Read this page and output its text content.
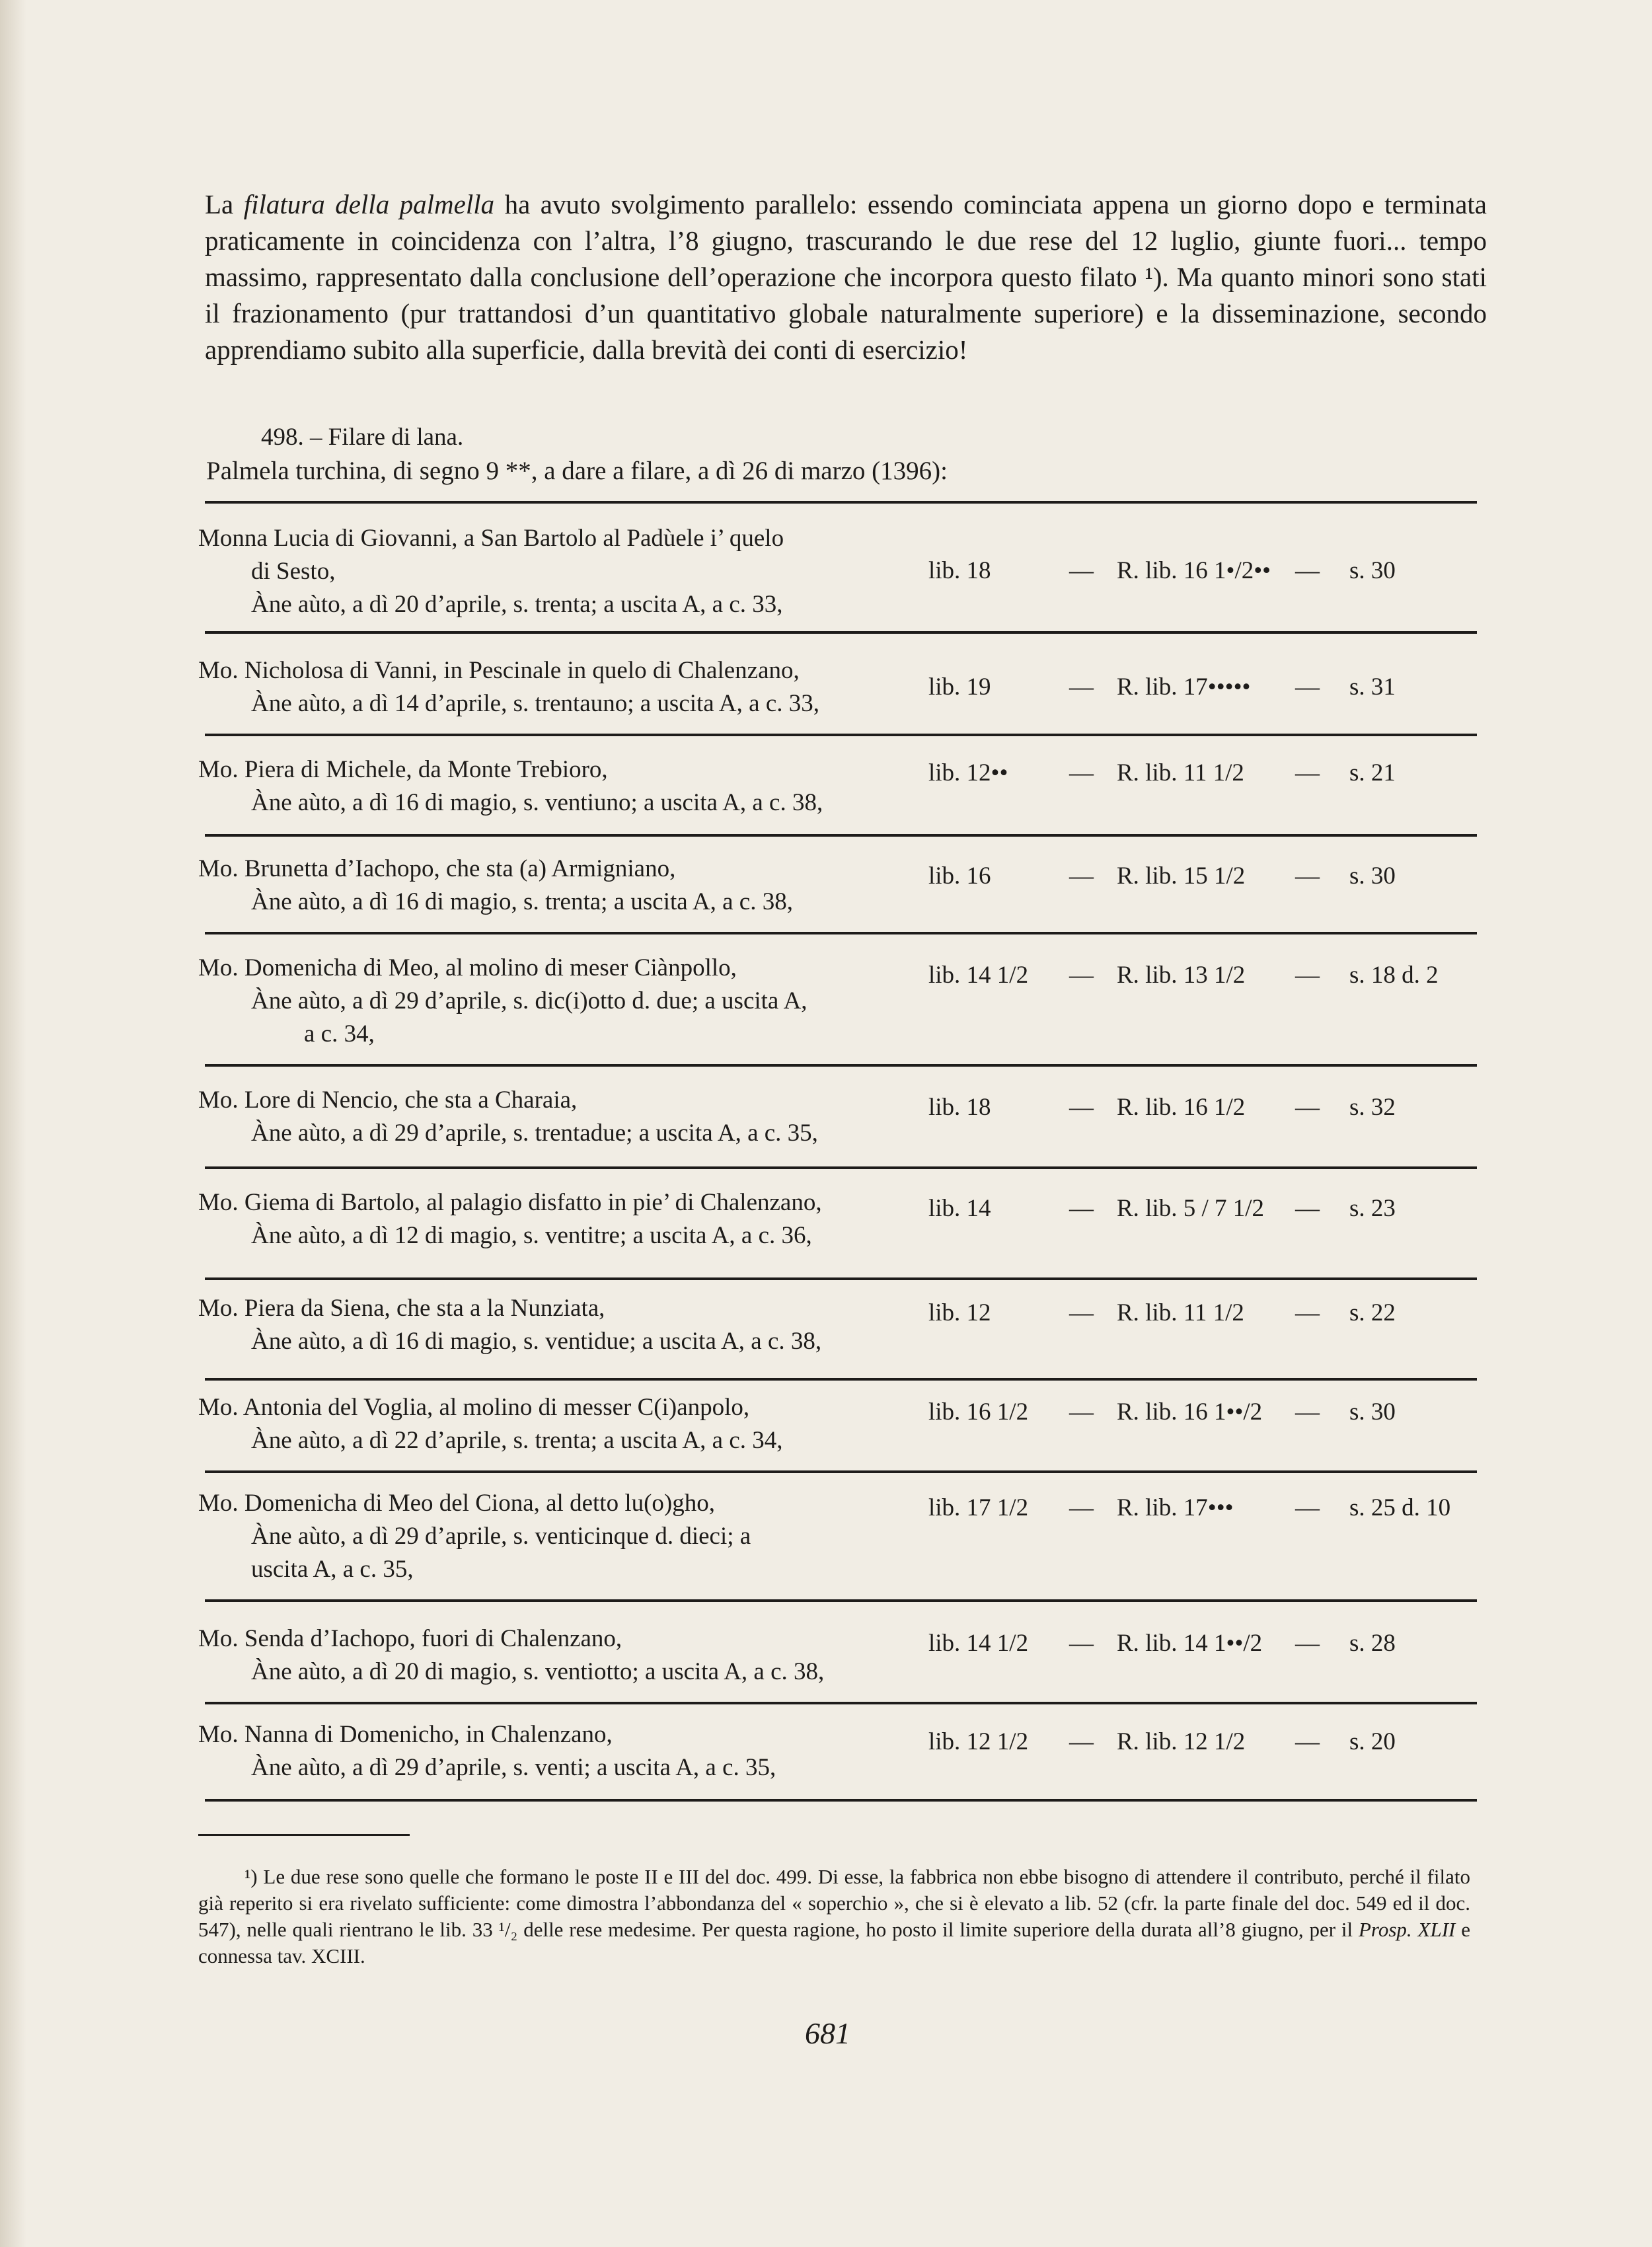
La filatura della palmella ha avuto svolgimento parallelo: essendo cominciata appena un giorno dopo e terminata praticamente in coincidenza con l’altra, l’8 giugno, trascurando le due rese del 12 luglio, giunte fuori... tempo massimo, rappresentato dalla conclusione dell’operazione che incorpora questo filato ¹). Ma quanto minori sono stati il frazionamento (pur trattandosi d’un quantitativo globale naturalmente superiore) e la disseminazione, secondo apprendiamo subito alla superficie, dalla brevità dei conti di esercizio!

498. – Filare di lana.

Palmela turchina, di segno 9 **, a dare a filare, a dì 26 di marzo (1396):

Monna Lucia di Giovanni, a San Bartolo al Padùele i’ quelo
di Sesto,
Àne aùto, a dì 20 d’aprile, s. trenta; a uscita A, a c. 33,
lib. 18	— R. lib. 16 1•/2•• — s. 30
Mo. Nicholosa di Vanni, in Pescinale in quelo di Chalenzano,
Àne aùto, a dì 14 d’aprile, s. trentauno; a uscita A, a c. 33,
lib. 19	— R. lib. 17••••• — s. 31
Mo. Piera di Michele, da Monte Trebioro,
Àne aùto, a dì 16 di magio, s. ventiuno; a uscita A, a c. 38,
lib. 12••	— R. lib. 11 1/2 — s. 21
Mo. Brunetta d’Iachopo, che sta (a) Armigniano,
Àne aùto, a dì 16 di magio, s. trenta; a uscita A, a c. 38,
lib. 16	— R. lib. 15 1/2 — s. 30
Mo. Domenicha di Meo, al molino di meser Ciànpollo,
Àne aùto, a dì 29 d’aprile, s. dic(i)otto d. due; a uscita A,
a c. 34,
lib. 14 1/2 — R. lib. 13 1/2 — s. 18 d. 2
Mo. Lore di Nencio, che sta a Charaia,
Àne aùto, a dì 29 d’aprile, s. trentadue; a uscita A, a c. 35,
lib. 18	— R. lib. 16 1/2 — s. 32
Mo. Giema di Bartolo, al palagio disfatto in pie’ di Chalenzano,
Àne aùto, a dì 12 di magio, s. ventitre; a uscita A, a c. 36,
lib. 14	— R. lib. 5 / 7 1/2 — s. 23
Mo. Piera da Siena, che sta a la Nunziata,
Àne aùto, a dì 16 di magio, s. ventidue; a uscita A, a c. 38,
lib. 12	— R. lib. 11 1/2 — s. 22
Mo. Antonia del Voglia, al molino di messer C(i)anpolo,
Àne aùto, a dì 22 d’aprile, s. trenta; a uscita A, a c. 34,
lib. 16 1/2 — R. lib. 16 1••/2 — s. 30
Mo. Domenicha di Meo del Ciona, al detto lu(o)gho,
Àne aùto, a dì 29 d’aprile, s. venticinque d. dieci; a
uscita A, a c. 35,
lib. 17 1/2 — R. lib. 17•••	— s. 25 d. 10
Mo. Senda d’Iachopo, fuori di Chalenzano,
Àne aùto, a dì 20 di magio, s. ventiotto; a uscita A, a c. 38,
lib. 14 1/2 — R. lib. 14 1••/2 — s. 28
Mo. Nanna di Domenicho, in Chalenzano,
Àne aùto, a dì 29 d’aprile, s. venti; a uscita A, a c. 35,
lib. 12 1/2 — R. lib. 12 1/2 — s. 20

¹) Le due rese sono quelle che formano le poste II e III del doc. 499. Di esse, la fabbrica non ebbe bisogno di attendere il contributo, perché il filato già reperito si era rivelato sufficiente: come dimostra l’abbondanza del « soperchio », che si è elevato a lib. 52 (cfr. la parte finale del doc. 549 ed il doc. 547), nelle quali rientrano le lib. 33 ¹/₂ delle rese medesime. Per questa ragione, ho posto il limite superiore della durata all’8 giugno, per il Prosp. XLII e connessa tav. XCIII.

681
